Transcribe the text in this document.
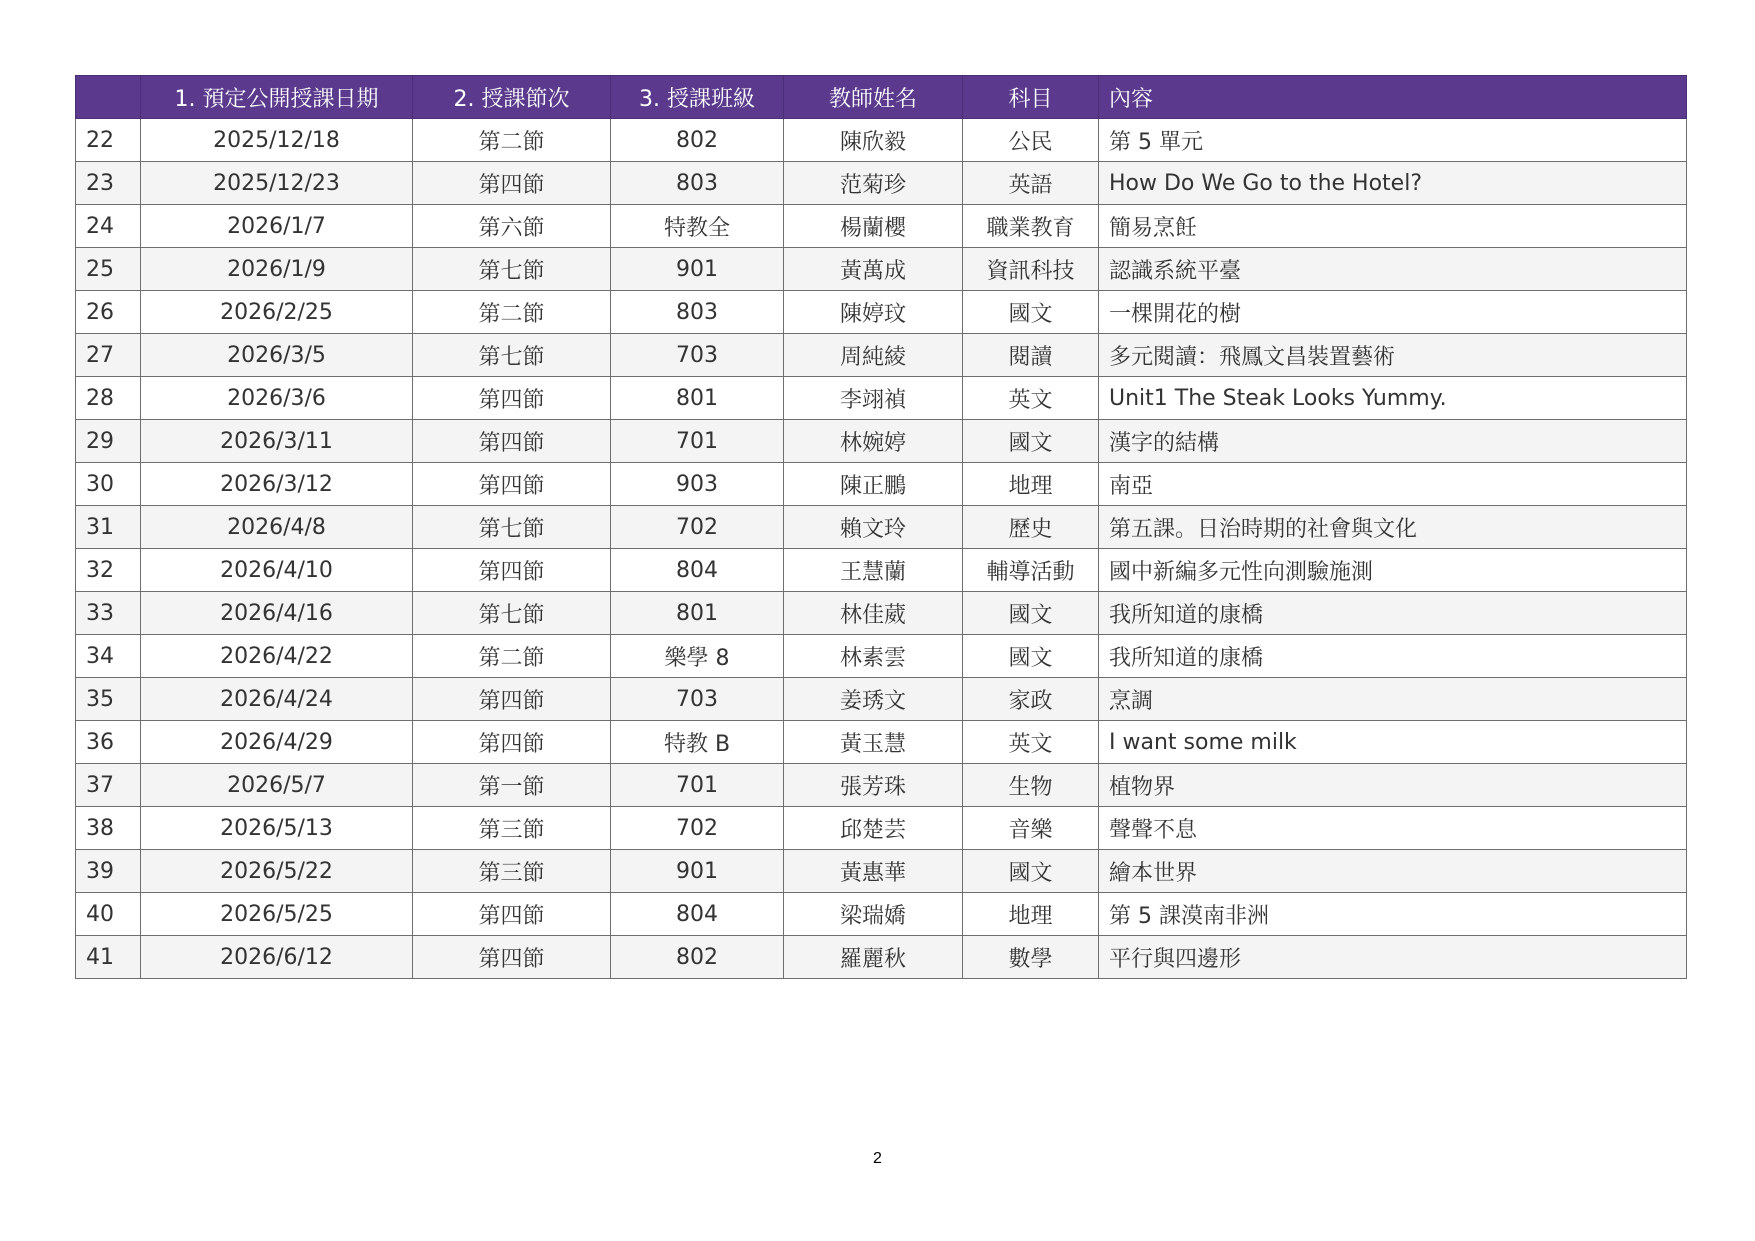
	1. 預定公開授課日期	2. 授課節次	3. 授課班級	教師姓名	科目	內容
22	2025/12/18	第二節	802	陳欣毅	公民	第 5 單元
23	2025/12/23	第四節	803	范菊珍	英語	How Do We Go to the Hotel?
24	2026/1/7	第六節	特教全	楊蘭櫻	職業教育	簡易烹飪
25	2026/1/9	第七節	901	黃萬成	資訊科技	認識系統平臺
26	2026/2/25	第二節	803	陳婷玟	國文	一棵開花的樹
27	2026/3/5	第七節	703	周純綾	閱讀	多元閱讀：飛鳳文昌裝置藝術
28	2026/3/6	第四節	801	李翊禎	英文	Unit1 The Steak Looks Yummy.
29	2026/3/11	第四節	701	林婉婷	國文	漢字的結構
30	2026/3/12	第四節	903	陳正鵬	地理	南亞
31	2026/4/8	第七節	702	賴文玲	歷史	第五課。日治時期的社會與文化
32	2026/4/10	第四節	804	王慧蘭	輔導活動	國中新編多元性向測驗施測
33	2026/4/16	第七節	801	林佳葳	國文	我所知道的康橋
34	2026/4/22	第二節	樂學 8	林素雲	國文	我所知道的康橋
35	2026/4/24	第四節	703	姜琇文	家政	烹調
36	2026/4/29	第四節	特教 B	黃玉慧	英文	I want some milk
37	2026/5/7	第一節	701	張芳珠	生物	植物界
38	2026/5/13	第三節	702	邱楚芸	音樂	聲聲不息
39	2026/5/22	第三節	901	黃惠華	國文	繪本世界
40	2026/5/25	第四節	804	梁瑞嬌	地理	第 5 課漠南非洲
41	2026/6/12	第四節	802	羅麗秋	數學	平行與四邊形
2
